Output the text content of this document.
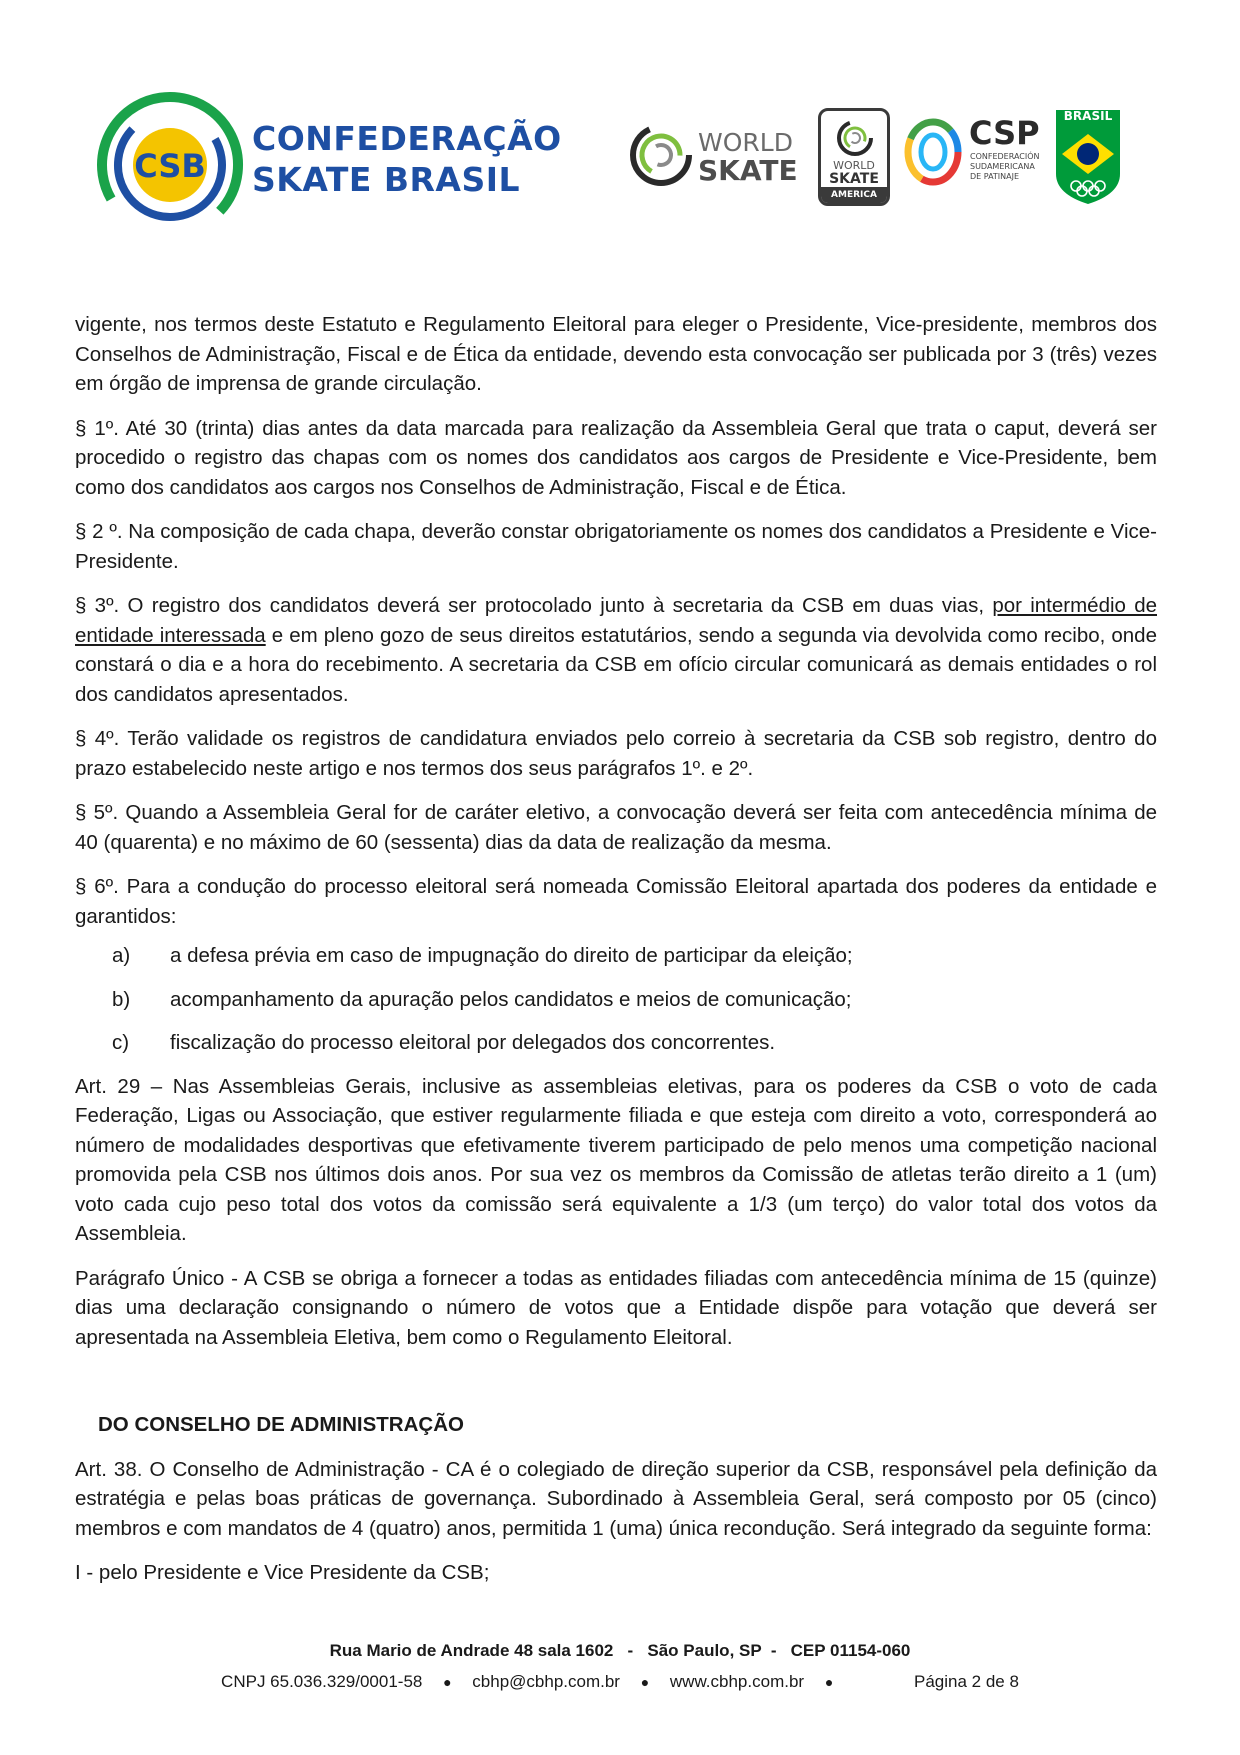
CSB
CONFEDERAÇÃO
SKATE BRASIL
WORLD
SKATE	WORLD
SKATE
AMERICA
CSP
CONFEDERACIÓN SUDAMERICANA DE PATINAJE
BRASIL

vigente, nos termos deste Estatuto e Regulamento Eleitoral para eleger o Presidente, Vice-presidente, membros dos Conselhos de Administração, Fiscal e de Ética da entidade, devendo esta convocação ser publicada por 3 (três) vezes em órgão de imprensa de grande circulação.

§ 1º. Até 30 (trinta) dias antes da data marcada para realização da Assembleia Geral que trata o caput, deverá ser procedido o registro das chapas com os nomes dos candidatos aos cargos de Presidente e Vice-Presidente, bem como dos candidatos aos cargos nos Conselhos de Administração, Fiscal e de Ética.

§ 2 º. Na composição de cada chapa, deverão constar obrigatoriamente os nomes dos candidatos a Presidente e Vice-Presidente.

§ 3º. O registro dos candidatos deverá ser protocolado junto à secretaria da CSB em duas vias, por intermédio de entidade interessada e em pleno gozo de seus direitos estatutários, sendo a segunda via devolvida como recibo, onde constará o dia e a hora do recebimento. A secretaria da CSB em ofício circular comunicará as demais entidades o rol dos candidatos apresentados.

§ 4º. Terão validade os registros de candidatura enviados pelo correio à secretaria da CSB sob registro, dentro do prazo estabelecido neste artigo e nos termos dos seus parágrafos 1º. e 2º.

§ 5º. Quando a Assembleia Geral for de caráter eletivo, a convocação deverá ser feita com antecedência mínima de 40 (quarenta) e no máximo de 60 (sessenta) dias da data de realização da mesma.

§ 6º. Para a condução do processo eleitoral será nomeada Comissão Eleitoral apartada dos poderes da entidade e garantidos:

a)	a defesa prévia em caso de impugnação do direito de participar da eleição;
b)	acompanhamento da apuração pelos candidatos e meios de comunicação;
c)	fiscalização do processo eleitoral por delegados dos concorrentes.

Art. 29 – Nas Assembleias Gerais, inclusive as assembleias eletivas, para os poderes da CSB o voto de cada Federação, Ligas ou Associação, que estiver regularmente filiada e que esteja com direito a voto, corresponderá ao número de modalidades desportivas que efetivamente tiverem participado de pelo menos uma competição nacional promovida pela CSB nos últimos dois anos. Por sua vez os membros da Comissão de atletas terão direito a 1 (um) voto cada cujo peso total dos votos da comissão será equivalente a 1/3 (um terço) do valor total dos votos da Assembleia.

Parágrafo Único - A CSB se obriga a fornecer a todas as entidades filiadas com antecedência mínima de 15 (quinze) dias uma declaração consignando o número de votos que a Entidade dispõe para votação que deverá ser apresentada na Assembleia Eletiva, bem como o Regulamento Eleitoral.

DO CONSELHO DE ADMINISTRAÇÃO

Art. 38. O Conselho de Administração - CA é o colegiado de direção superior da CSB, responsável pela definição da estratégia e pelas boas práticas de governança. Subordinado à Assembleia Geral, será composto por 05 (cinco) membros e com mandatos de 4 (quatro) anos, permitida 1 (uma) única recondução. Será integrado da seguinte forma:

I - pelo Presidente e Vice Presidente da CSB;

Rua Mario de Andrade 48 sala 1602   -   São Paulo, SP  -   CEP 01154-060
CNPJ 65.036.329/0001-58 ● cbhp@cbhp.com.br ● www.cbhp.com.br ●	Página 2 de 8
